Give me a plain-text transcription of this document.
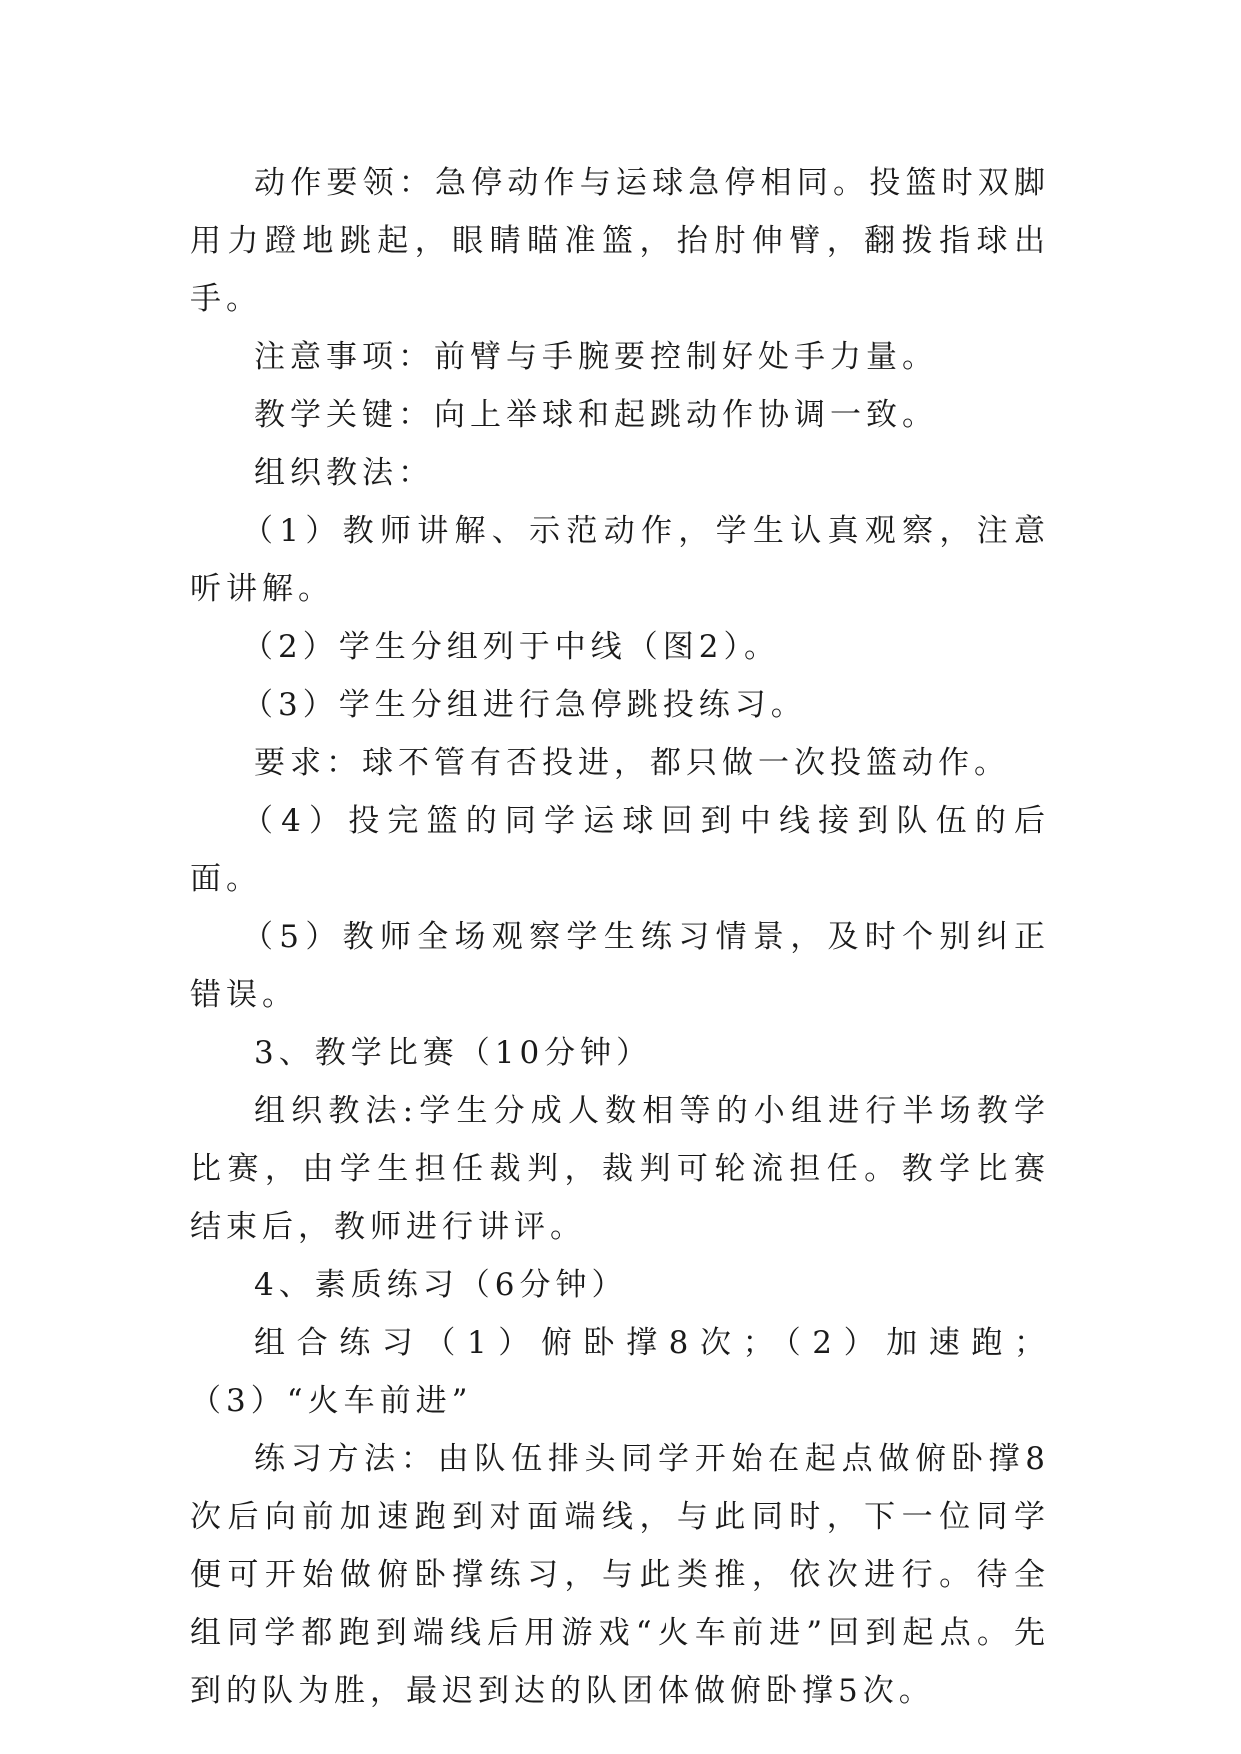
动作要领：急停动作与运球急停相同。投篮时双脚用力蹬地跳起，眼睛瞄准篮，抬肘伸臂，翻拨指球出手。

注意事项：前臂与手腕要控制好处手力量。

教学关键：向上举球和起跳动作协调一致。

组织教法：

（1）教师讲解、示范动作，学生认真观察，注意听讲解。

（2）学生分组列于中线（图2）。

（3）学生分组进行急停跳投练习。

要求：球不管有否投进，都只做一次投篮动作。

（4）投完篮的同学运球回到中线接到队伍的后面。

（5）教师全场观察学生练习情景，及时个别纠正错误。

3、教学比赛（10分钟）

组织教法:学生分成人数相等的小组进行半场教学比赛，由学生担任裁判，裁判可轮流担任。教学比赛结束后，教师进行讲评。

4、素质练习（6分钟）

组合练习（1）俯卧撑8次；（2）加速跑；（3）“火车前进”

练习方法：由队伍排头同学开始在起点做俯卧撑8次后向前加速跑到对面端线，与此同时，下一位同学便可开始做俯卧撑练习，与此类推，依次进行。待全组同学都跑到端线后用游戏“火车前进”回到起点。先到的队为胜，最迟到达的队团体做俯卧撑5次。
